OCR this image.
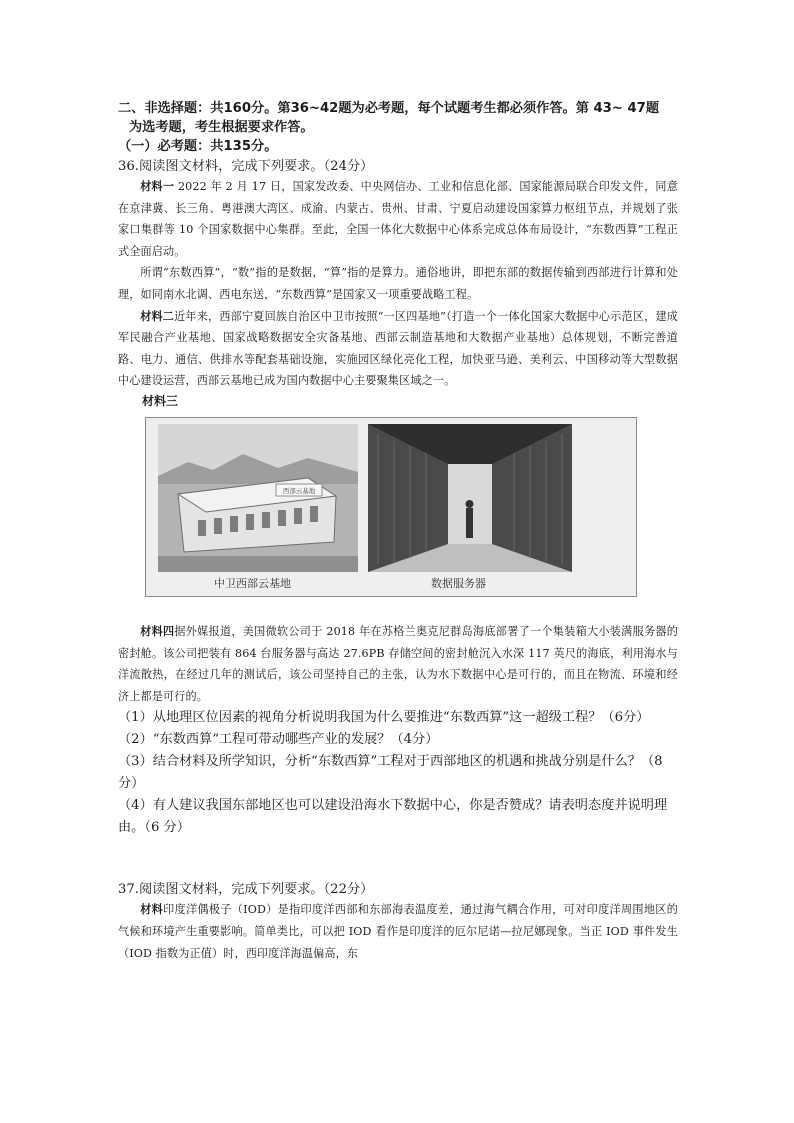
二、非选择题：共160分。第36~42题为必考题，每个试题考生都必须作答。第 43~ 47题
为选考题，考生根据要求作答。

（一）必考题：共135分。

36.阅读图文材料，完成下列要求。（24分）

材料一 2022 年 2 月 17 日，国家发改委、中央网信办、工业和信息化部、国家能源局联合印发文件，同意在京津冀、长三角、粤港澳大湾区、成渝、内蒙古、贵州、甘肃、宁夏启动建设国家算力枢纽节点，并规划了张家口集群等 10 个国家数据中心集群。至此，全国一体化大数据中心体系完成总体布局设计，“东数西算”工程正式全面启动。

所谓“东数西算”，“数”指的是数据，“算”指的是算力。通俗地讲，即把东部的数据传输到西部进行计算和处理，如同南水北调、西电东送，“东数西算”是国家又一项重要战略工程。

材料二近年来，西部宁夏回族自治区中卫市按照“一区四基地”（打造一个一体化国家大数据中心示范区，建成军民融合产业基地、国家战略数据安全灾备基地、西部云制造基地和大数据产业基地）总体规划，不断完善道路、电力、通信、供排水等配套基础设施，实施园区绿化亮化工程，加快亚马逊、美利云、中国移动等大型数据中心建设运营，西部云基地已成为国内数据中心主要聚集区域之一。

材料三

西部云基地
中卫西部云基地	数据服务器

材料四据外媒报道，美国微软公司于 2018 年在苏格兰奥克尼群岛海底部署了一个集装箱大小装满服务器的密封舱。该公司把装有 864 台服务器与高达 27.6PB 存储空间的密封舱沉入水深 117 英尺的海底，利用海水与洋流散热，在经过几年的测试后，该公司坚持自己的主张，认为水下数据中心是可行的，而且在物流、环境和经济上都是可行的。

（1）从地理区位因素的视角分析说明我国为什么要推进“东数西算”这一超级工程？（6分）

（2）“东数西算”工程可带动哪些产业的发展？（4分）

（3）结合材料及所学知识，分析“东数西算”工程对于西部地区的机遇和挑战分别是什么？（8分）

（4）有人建议我国东部地区也可以建设沿海水下数据中心，你是否赞成？请表明态度并说明理由。（6 分）

37.阅读图文材料，完成下列要求。（22分）

材料印度洋偶极子（IOD）是指印度洋西部和东部海表温度差，通过海气耦合作用，可对印度洋周围地区的气候和环境产生重要影响。简单类比，可以把 IOD 看作是印度洋的厄尔尼诺—拉尼娜现象。当正 IOD 事件发生（IOD 指数为正值）时，西印度洋海温偏高，东
